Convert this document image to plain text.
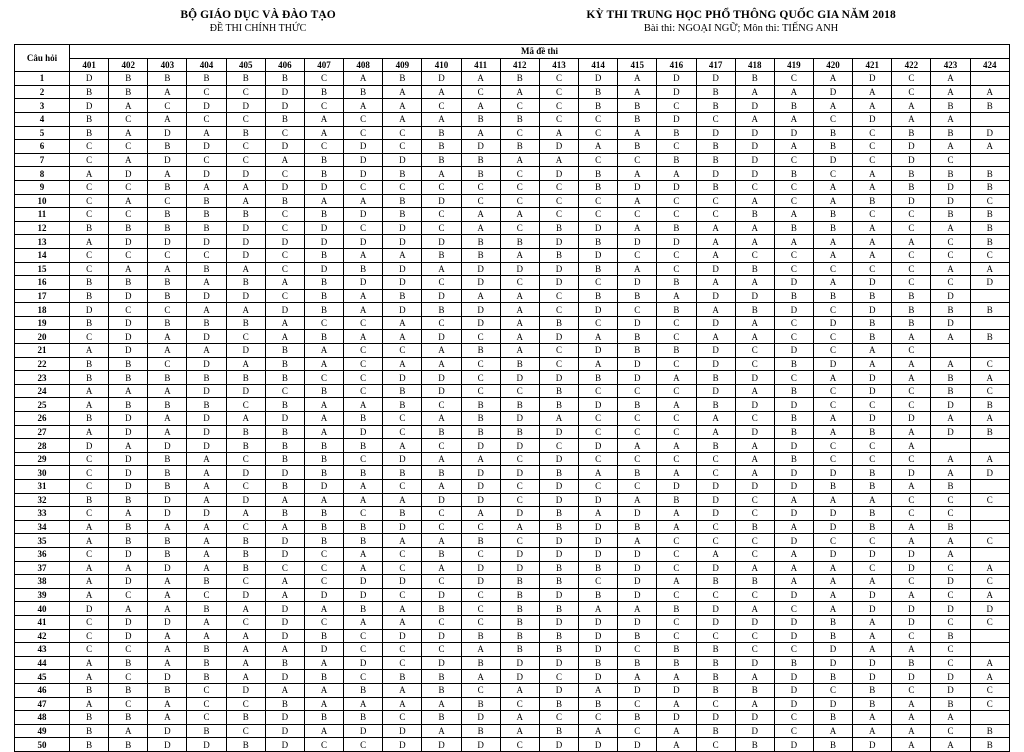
BỘ GIÁO DỤC VÀ ĐÀO TẠO
ĐỀ THI CHÍNH THỨC
KỲ THI TRUNG HỌC PHỔ THÔNG QUỐC GIA NĂM 2018
Bài thi: NGOẠI NGỮ; Môn thi: TIẾNG ANH
Câu hỏi	Mã đề thi																							
	401	402	403	404	405	406	407	408	409	410	411	412	413	414	415	416	417	418	419	420	421	422	423	424
1	D	B	B	B	B	B	C	A	B	D	A	B	C	D	A	D	D	B	C	A	D	C	A	
2	B	B	A	C	C	D	B	B	A	A	C	A	C	B	A	D	B	A	A	D	A	C	A	A
3	D	A	C	D	D	D	C	A	A	C	A	C	C	B	B	C	B	D	B	A	A	A	B	B
4	B	C	A	C	C	B	A	C	A	A	B	B	C	C	B	D	C	A	A	C	D	A	A	
5	B	A	D	A	B	C	A	C	C	B	A	C	A	C	A	B	D	D	D	B	C	B	B	D
6	C	C	B	D	C	D	C	D	C	B	D	B	D	A	B	C	B	D	A	B	C	D	A	A
7	C	A	D	C	C	A	B	D	D	B	B	A	A	C	C	B	B	D	C	D	C	D	C	
8	A	D	A	D	D	C	B	D	B	A	B	C	D	B	A	A	D	D	B	C	A	B	B	B
9	C	C	B	A	A	D	D	C	C	C	C	C	C	B	D	D	B	C	C	A	A	B	D	B
10	C	A	C	B	A	B	A	A	B	D	C	C	C	C	A	C	C	A	C	A	B	D	D	C
11	C	C	B	B	B	C	B	D	B	C	A	A	C	C	C	C	C	B	A	B	C	C	B	B
12	B	B	B	B	D	C	D	C	D	C	A	C	B	D	A	B	A	A	B	B	A	C	A	B
13	A	D	D	D	D	D	D	D	D	D	B	B	D	B	D	D	A	A	A	A	A	A	C	B
14	C	C	C	C	D	C	B	A	A	B	B	A	B	D	C	C	A	C	C	A	A	C	C	C
15	C	A	A	B	A	C	D	B	D	A	D	D	D	B	A	C	D	B	C	C	C	C	A	A
16	B	B	B	A	B	A	B	D	D	C	D	C	D	C	D	B	A	A	D	A	D	C	C	D
17	B	D	B	D	D	C	B	A	B	D	A	A	C	B	B	A	D	D	B	B	B	B	D	
18	D	C	C	A	A	D	B	A	D	B	D	A	C	D	C	B	A	B	D	C	D	B	B	B
19	B	D	B	B	B	A	C	C	A	C	D	A	B	C	D	C	D	A	C	D	B	B	D	
20	C	D	A	D	C	A	B	A	A	D	C	A	D	A	B	C	A	A	C	C	B	A	A	B
21	A	D	A	A	D	B	A	C	C	A	B	A	C	D	B	B	D	C	D	C	A	C		
22	B	B	C	D	A	B	A	C	A	A	C	B	C	A	D	C	D	C	B	D	A	A	A	C
23	B	B	B	B	B	B	C	C	D	D	C	D	D	B	D	A	B	D	C	A	D	A	B	A
24	A	A	A	D	D	C	B	C	B	D	C	C	B	C	C	C	D	A	B	C	D	C	B	C
25	A	B	B	B	C	B	A	A	B	C	B	B	B	D	B	A	B	D	D	C	C	C	D	B
26	B	D	A	D	A	D	A	B	C	A	B	D	A	C	C	C	A	C	B	A	D	D	A	A
27	A	D	A	D	B	B	A	D	C	B	B	B	D	C	C	C	A	D	B	A	B	A	D	B
28	D	A	D	D	B	B	B	B	A	C	D	D	C	D	A	A	B	A	D	C	C	A		
29	C	D	B	A	C	B	B	C	D	A	A	C	D	C	C	C	C	A	B	C	C	C	A	A
30	C	D	B	A	D	D	B	B	B	B	D	D	B	A	B	A	C	A	D	D	B	D	A	D
31	C	D	B	A	C	B	D	A	C	A	D	C	D	C	C	D	D	D	D	B	B	A	B	
32	B	B	D	A	D	A	A	A	A	D	D	C	D	D	A	B	D	C	A	A	A	C	C	C
33	C	A	D	D	A	B	B	C	B	C	A	D	B	A	D	A	D	C	D	D	B	C	C	
34	A	B	A	A	C	A	B	B	D	C	C	A	B	D	B	A	C	B	A	D	B	A	B	
35	A	B	B	A	B	D	B	B	A	A	B	C	D	D	A	C	C	C	D	C	C	A	A	C
36	C	D	B	A	B	D	C	A	C	B	C	D	D	D	D	C	A	C	A	D	D	D	A	
37	A	A	D	A	B	C	C	A	C	A	D	D	B	B	D	C	D	A	A	A	C	D	C	A
38	A	D	A	B	C	A	C	D	D	C	D	B	B	C	D	A	B	B	A	A	A	C	D	C
39	A	C	A	C	D	A	D	D	C	D	C	B	D	B	D	C	C	C	D	A	D	A	C	A
40	D	A	A	B	A	D	A	B	A	B	C	B	B	A	A	B	D	A	C	A	D	D	D	D
41	C	D	D	A	C	D	C	A	A	C	C	B	D	D	D	C	D	D	D	B	A	D	C	C
42	C	D	A	A	A	D	B	C	D	D	B	B	B	D	B	C	C	C	D	B	A	C	B	
43	C	C	A	B	A	A	D	C	C	C	A	B	B	D	C	B	B	C	C	D	A	A	C	
44	A	B	A	B	A	B	A	D	C	D	B	D	D	B	B	B	B	D	B	D	D	B	C	A
45	A	C	D	B	A	D	B	C	B	B	A	D	C	D	A	A	B	A	D	B	D	D	D	A
46	B	B	B	C	D	A	A	B	A	B	C	A	D	A	D	D	B	B	D	C	B	C	D	C
47	A	C	A	C	C	B	A	A	A	A	B	C	B	B	C	A	C	A	D	D	B	A	B	C
48	B	B	A	C	B	D	B	B	C	B	D	A	C	C	B	D	D	D	C	B	A	A	A	
49	B	A	D	B	C	D	A	D	D	A	B	A	B	A	C	A	B	D	C	A	A	A	C	B
50	B	B	D	D	B	D	C	C	D	D	D	C	D	D	D	A	C	B	D	B	D	A	A	B
